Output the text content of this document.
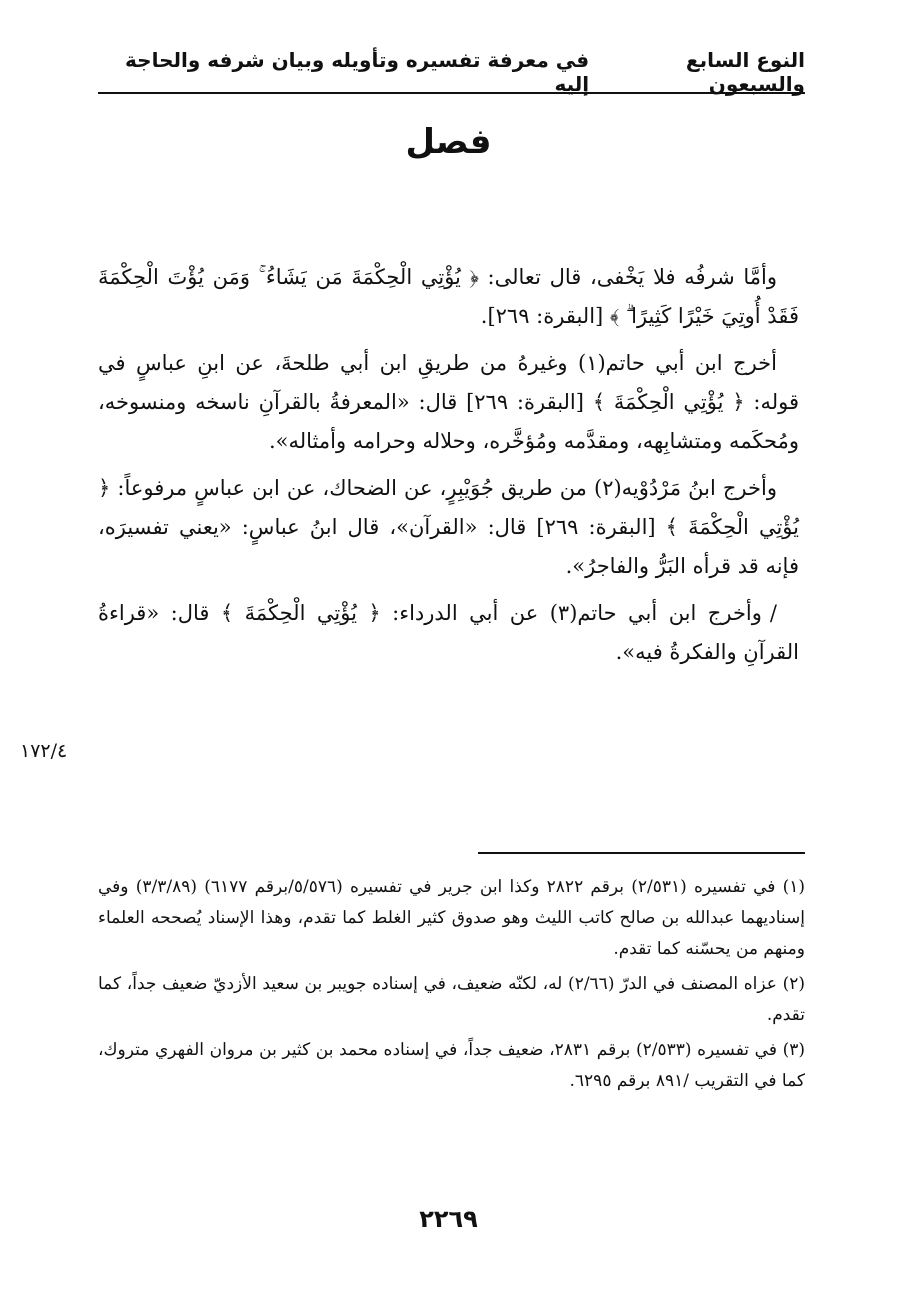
النوع السابع والسبعون
في معرفة تفسيره وتأويله وبيان شرفه والحاجة إليه
فصل

وأمَّا شرفُه فلا يَخْفى، قال تعالى: ﴿ يُؤْتِي الْحِكْمَةَ مَن يَشَاءُ ۚ وَمَن يُؤْتَ الْحِكْمَةَ فَقَدْ أُوتِيَ خَيْرًا كَثِيرًا ۗ ﴾ [البقرة: ٢٦٩].

أخرج ابن أبي حاتم(١) وغيرهُ من طريقِ ابن أبي طلحةَ، عن ابنِ عباسٍ في قوله: ﴿ يُؤْتِي الْحِكْمَةَ ﴾ [البقرة: ٢٦٩] قال: «المعرفةُ بالقرآنِ ناسخه ومنسوخه، ومُحكَمه ومتشابِهه، ومقدَّمه ومُؤخَّره، وحلاله وحرامه وأمثاله».

وأخرج ابنُ مَرْدُوْيه(٢) من طريق جُوَيْبِرٍ، عن الضحاك، عن ابن عباسٍ مرفوعاً: ﴿ يُؤْتِي الْحِكْمَةَ ﴾ [البقرة: ٢٦٩] قال: «القرآن»، قال ابنُ عباسٍ: «يعني تفسيرَه، فإنه قد قرأه البَرُّ والفاجرُ».

/وأخرج ابن أبي حاتم(٣) عن أبي الدرداء: ﴿ يُؤْتِي الْحِكْمَةَ ﴾ قال: «قراءةُ القرآنِ والفكرةُ فيه».

١٧٢/٤

(١) في تفسيره (٢/٥٣١) برقم ٢٨٢٢ وكذا ابن جرير في تفسيره (٥/٥٧٦/برقم ٦١٧٧) (٣/٣/٨٩) وفي إسناديهما عبدالله بن صالح كاتب الليث وهو صدوق كثير الغلط كما تقدم، وهذا الإسناد يُصححه العلماء ومنهم من يحسّنه كما تقدم.

(٢) عزاه المصنف في الدرّ (٢/٦٦) له، لكنّه ضعيف، في إسناده جويبر بن سعيد الأزديّ ضعيف جداً، كما تقدم.

(٣) في تفسيره (٢/٥٣٣) برقم ٢٨٣١، ضعيف جداً، في إسناده محمد بن كثير بن مروان الفهري متروك، كما في التقريب /٨٩١ برقم ٦٢٩٥.

٢٢٦٩
